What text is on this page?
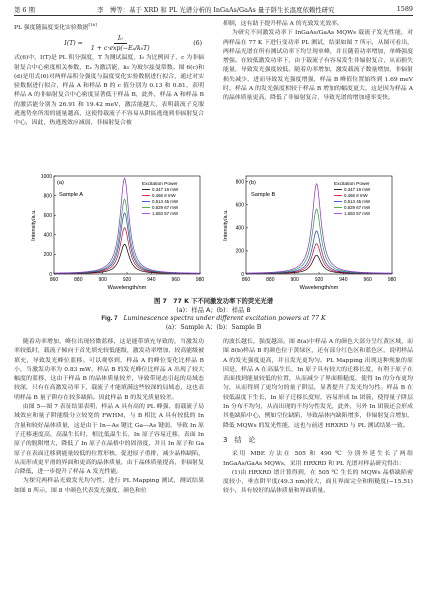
第 6 期	李　博等：基于 XRD 和 PL 光谱分析的 InGaAs/GaAs 量子阱生长温度依赖性研究	1589

PL 强度随温度变化实验数据[16]

$I(T) = \frac{\text{I₀}}{\text{1 + c·exp(−Eₐ/k₀T)}}$	(6)

式(6)中，I(T)是 PL 积分强度，T 为测试温度，I₀ 为比例因子，c 为非辐射复合中心密度相关参数，Eₐ 为激活能，k₀ 为玻尔兹曼常数。图 6(c)和(d)是用式(6)对两样品积分强度与温度变化实验数据进行拟合，通过对实验数据进行拟合，样品 A 和样品 B 的 c 值分别为 0.13 和 0.81，表明样品 A 的非辐射复合中心密度显著低于样品 B，此外，样品 A 和样品 B 的激活能分别为 26.91 和 19.42 meV，激活能越大，表明载流子克服逃逸势垒所需的能量越高，这使得载流子不容易从阱區逃逸到非辐射复合中心，因此，热逃逸效应减弱，非辐射复合被

抑制，这有助于提升样品 A 的光致发光效率。

为研究不同激发功率下 InGaAs/GaAs MQWs 载流子发光性能，对两样品在 77 K 下进行变功率 PL 测试，结果如图 7 所示，从图可看出，两样品光谱在所有测试功率下均呈现单峰，并且随着功率增加，单峰强度增强。在较低激发功率下，由于载流子有容易发生非辐射复合，从而损失能量，导致发光强度较低。随着功率增加，激发载流子数量增加，非辐射损失减少，进而导致发光强度增强，样品 B 峰值位置始终到 1.69 meV 时，样品 A 的发光强度相较于样品 B 增加的幅度更大，这是因为样品 A 的晶体质量更高，降低了非辐射复合，导致光谱的增加速率变快。

860	880	900	920	940	960	980
0
200
400
600
800
1000
Wavelength/nm
Intensity/a.u.
(a)
Sample A
Excitation Power
0.347 19 mW
0.466 8 mW
0.513 45 mW
0.829 67 mW
1.693 57 mW
860	880	900	920	940	960	980
0
200
400
600
800
Wavelength/nm
Intensity/a.u.
(b)
Sample B
Excitation Power
0.347 19 mW
0.466 8 mW
0.513 45 mW
0.829 67 mW
1.693 57 mW
图 7　77 K 下不同激发功率下的荧光光谱
(a)：样品 A；(b)：样品 B
Fig. 7 Luminescence spectra under different excitation powers at 77 K
(a)：Sample A；(b)：Sample B

随着功率增加，峰位出现轻微蓝移，这是能带填充导致的。当激发功率较低时，载流子倾向于首先填充较低能级，激发功率增加，较高能级被填充，导致发光峰位蓝移。可以观察到，样品 A 的峰位变化比样品 B 小，当激发功率为 0.83 mW，样品 B 的发光峰位比样品 A 出现了较大幅度的蓝移，这由于样品 B 的晶体质量较差，导致带尾态引起的局域态较深，只有在高激发功率下，载流子才能填满这些较深的局域态，这也表明样品 B 量子阱存在较多缺陷。因此样品 B 的发光质量较差。

由图 5—图 7 表征结果表明，样品 A 具有高的 PL 峰强、弱载流子局域效应和量子阱能级分立较宽的 FWHM，与 B 相比 A 具有较低的 In 含量和较好晶体质量，这是由于 In—As 键比 Ga—As 键弱，导致 In 原子迁移速度高，高温生长时，相比低温生长，In 原子容易迁移，表面 In 原子的脱附增大，降低了 In 原子在晶格中的固溶度，并且 In 原子和 Ga 原子在表面迁移到能量较低的位置形核，促进原子重排，减少晶格缺陷，从而形成更平滑的界面和更高的晶体质量，由于晶体质量提高，非辐射复合降低，进一步提升了样品 A 发光性能。

为探究两样品光致发光均匀性，进行 PL Mapping 测试，测试结果如图 8 所示，图 8 中颜色代表发光强度，颜色和位

的波长越长，强度越高。图 8(a)中样品 A 的颜色大部分呈红黄区域，而图 8(b)样品 B 的颜色位于黄绿区，还有部分红色区和蓝色区，说明样品 A 的发光强度更高，并且发光更均匀。PL Mapping 出现这种现象的原因是，样品 A 在高温生长，In 原子具有较大的迁移长度，有利于原子在表面找到能量较低的位置，从而减少了界面粗糙度，使得 In 的分布更均匀，从而得到了更均匀的量子阱层，显著提升了发光均匀性。样品 B 在较低温度下生长，In 原子迁移长度短，容易形成 In 团簇，使得量子阱层 In 分布不均匀，从而出现的不均匀性发光，此外，另外 In 团簇还会形成其他缺陷中心，例如空位缺陷，导致晶体内缺陷增多，非辐射复合增加，降低 MQWs 的发光性能，这也与前述 HRXRD 与 PL 测试结果一致。

3　结　论

采用 MBE 方法在 505 和 490 ℃ 分别外延生长了两组 InGaAs/GaAs MQWs，采用 HRXRD 和 PL 光谱对样品研究得出：

(1)由 HRXRD 谱计算得到，在 505 ℃ 生长的 MQWs 晶格缺陷密度较小，垂直阱平度(49.3 nm)较大，面且界面完全和粗糙度(−15.51)较小，具有较好的晶体质量和界面质量。
